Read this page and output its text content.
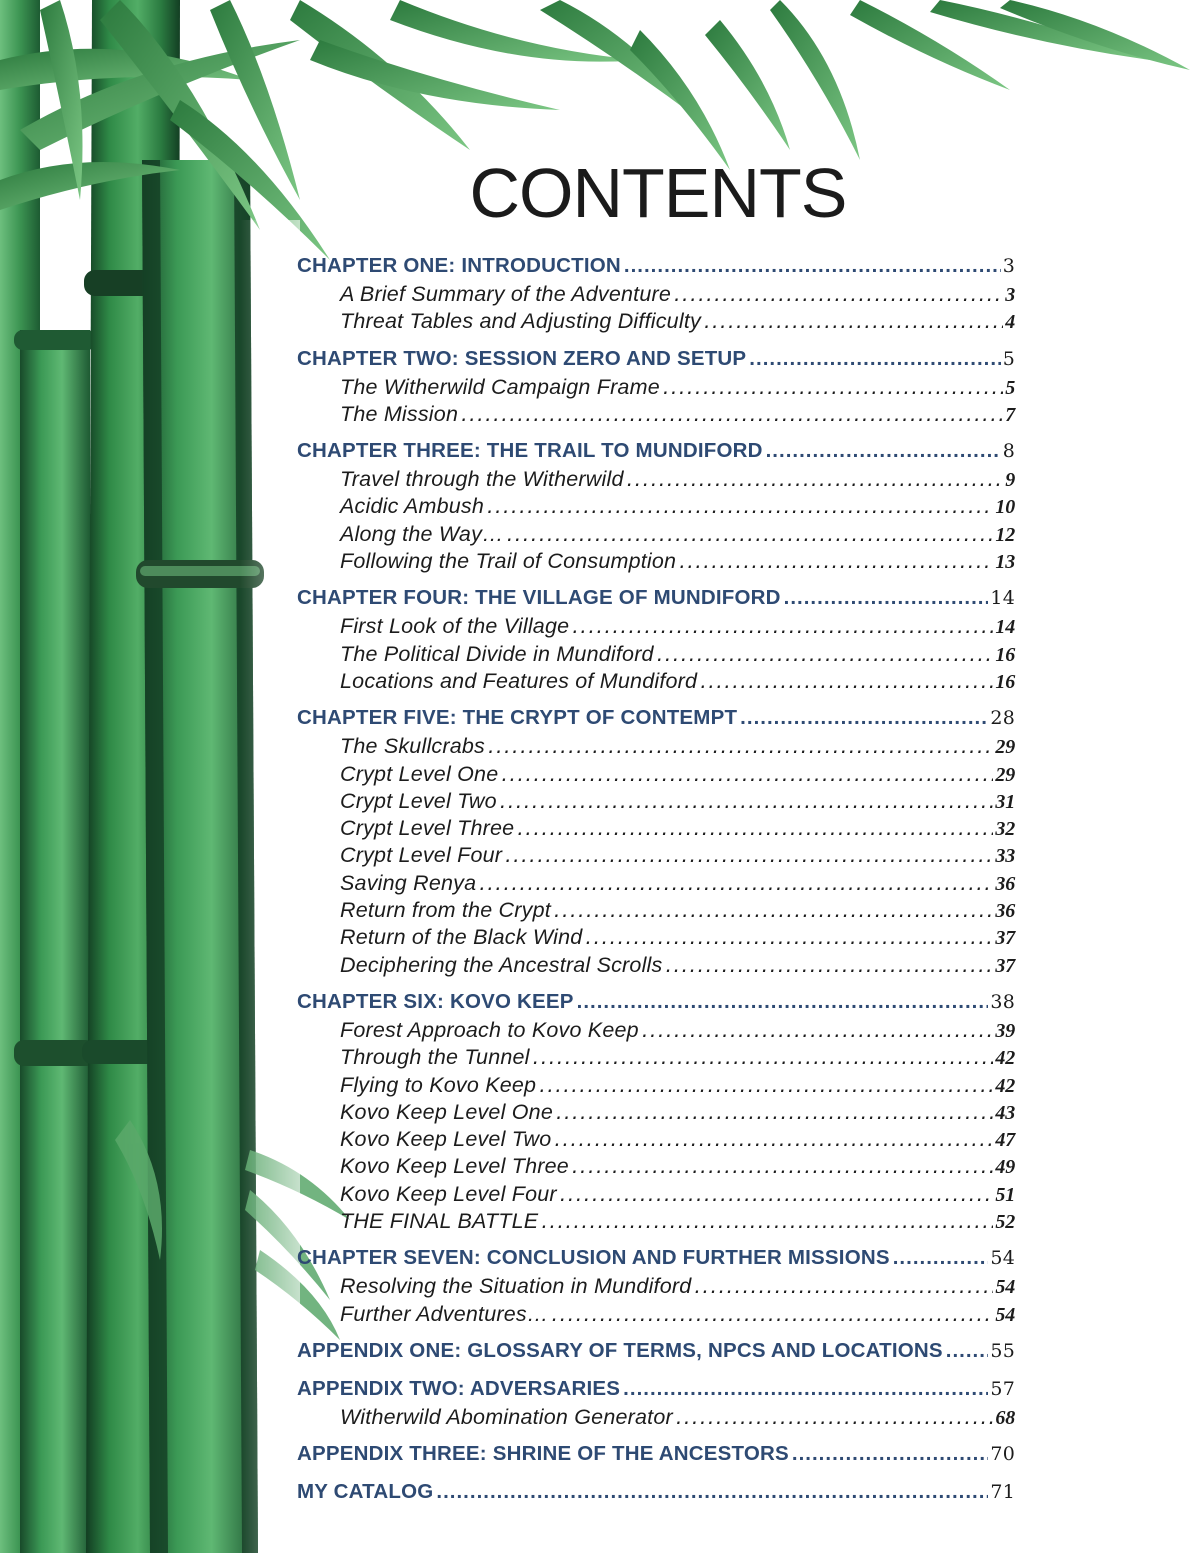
CONTENTS
CHAPTER ONE: INTRODUCTION .....	3
A Brief Summary of the Adventure .....	3
Threat Tables and Adjusting Difficulty .....	4
CHAPTER TWO: SESSION ZERO AND SETUP .....	5
The Witherwild Campaign Frame .....	5
The Mission .....	7
CHAPTER THREE: THE TRAIL TO MUNDIFORD .....	8
Travel through the Witherwild .....	9
Acidic Ambush .....	10
Along the Way… .....	12
Following the Trail of Consumption .....	13
CHAPTER FOUR: THE VILLAGE OF MUNDIFORD .....	14
First Look of the Village .....	14
The Political Divide in Mundiford .....	16
Locations and Features of Mundiford .....	16
CHAPTER FIVE: THE CRYPT OF CONTEMPT .....	28
The Skullcrabs .....	29
Crypt Level One .....	29
Crypt Level Two .....	31
Crypt Level Three .....	32
Crypt Level Four .....	33
Saving Renya .....	36
Return from the Crypt .....	36
Return of the Black Wind .....	37
Deciphering the Ancestral Scrolls .....	37
CHAPTER SIX: KOVO KEEP .....	38
Forest Approach to Kovo Keep .....	39
Through the Tunnel .....	42
Flying to Kovo Keep .....	42
Kovo Keep Level One .....	43
Kovo Keep Level Two .....	47
Kovo Keep Level Three .....	49
Kovo Keep Level Four .....	51
THE FINAL BATTLE .....	52
CHAPTER SEVEN: CONCLUSION AND FURTHER MISSIONS .....	54
Resolving the Situation in Mundiford .....	54
Further Adventures… .....	54
APPENDIX ONE: GLOSSARY OF TERMS, NPCS AND LOCATIONS .....	55
APPENDIX TWO: ADVERSARIES .....	57
Witherwild Abomination Generator .....	68
APPENDIX THREE: SHRINE OF THE ANCESTORS .....	70
MY CATALOG .....	71
